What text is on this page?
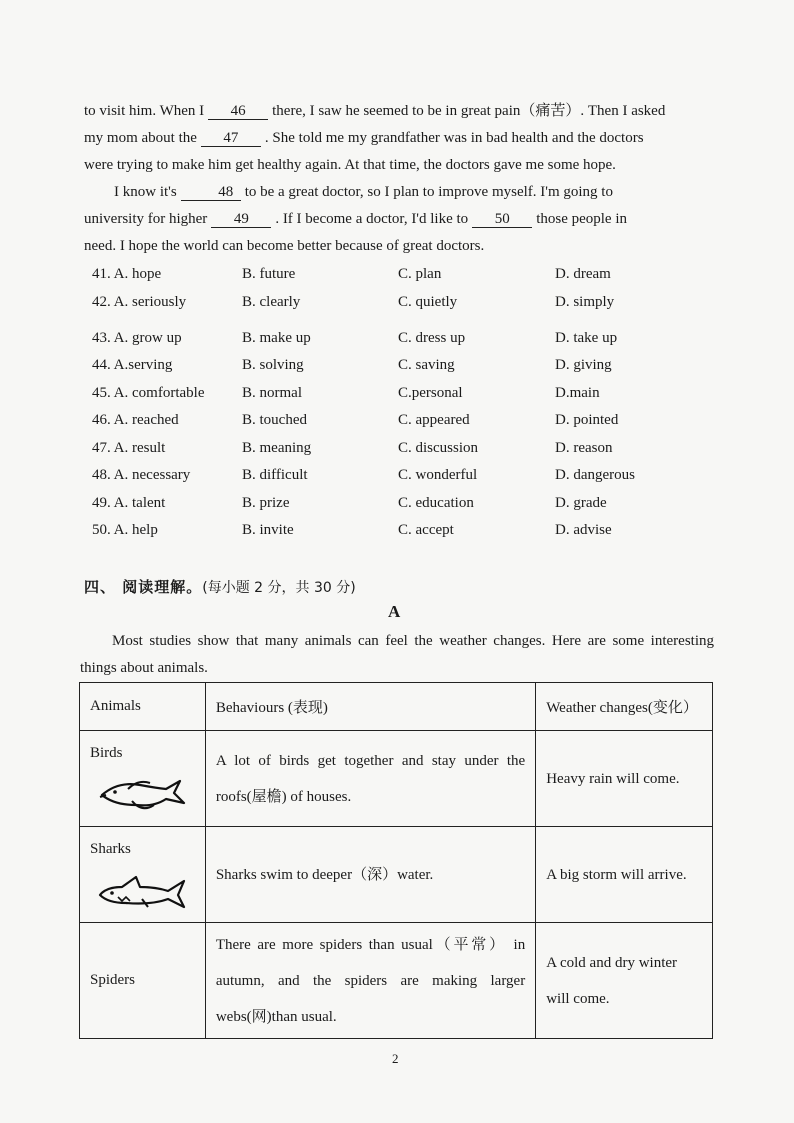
to visit him. When I 46 there, I saw he seemed to be in great pain（痛苦）. Then I asked
my mom about the 47 . She told me my grandfather was in bad health and the doctors
were trying to make him get healthy again. At that time, the doctors gave me some hope.
I know it's	48 to be a great doctor, so I plan to improve myself. I'm going to
university for higher 49 . If I become a doctor, I'd like to 50 those people in
need. I hope the world can become better because of great doctors.
41. A. hope	B. future	C. plan	D. dream
42. A. seriously	B. clearly	C. quietly	D. simply
43. A. grow up	B. make up	C. dress up	D. take up
44. A.serving	B. solving	C. saving	D. giving
45. A. comfortable	B. normal	C.personal	D.main
46. A. reached	B. touched	C. appeared	D. pointed
47. A. result	B. meaning	C. discussion	D. reason
48. A. necessary	B. difficult	C. wonderful	D. dangerous
49. A. talent	B. prize	C. education	D. grade
50. A. help	B. invite	C. accept	D. advise
四、 阅读理解。(每小题 2 分，共 30 分)
A
Most studies show that many animals can feel the weather changes. Here are some interesting things about animals.
Animals	Behaviours (表现)	Weather changes(变化）

Birds	A lot of birds get together and stay under the roofs(屋檐) of houses.	Heavy rain will come.

Sharks	Sharks swim to deeper（深）water.	A big storm will arrive.
Spiders	There are more spiders than usual（平常） in autumn, and the spiders are making larger webs(网)than usual.	A cold and dry winter will come.
2
